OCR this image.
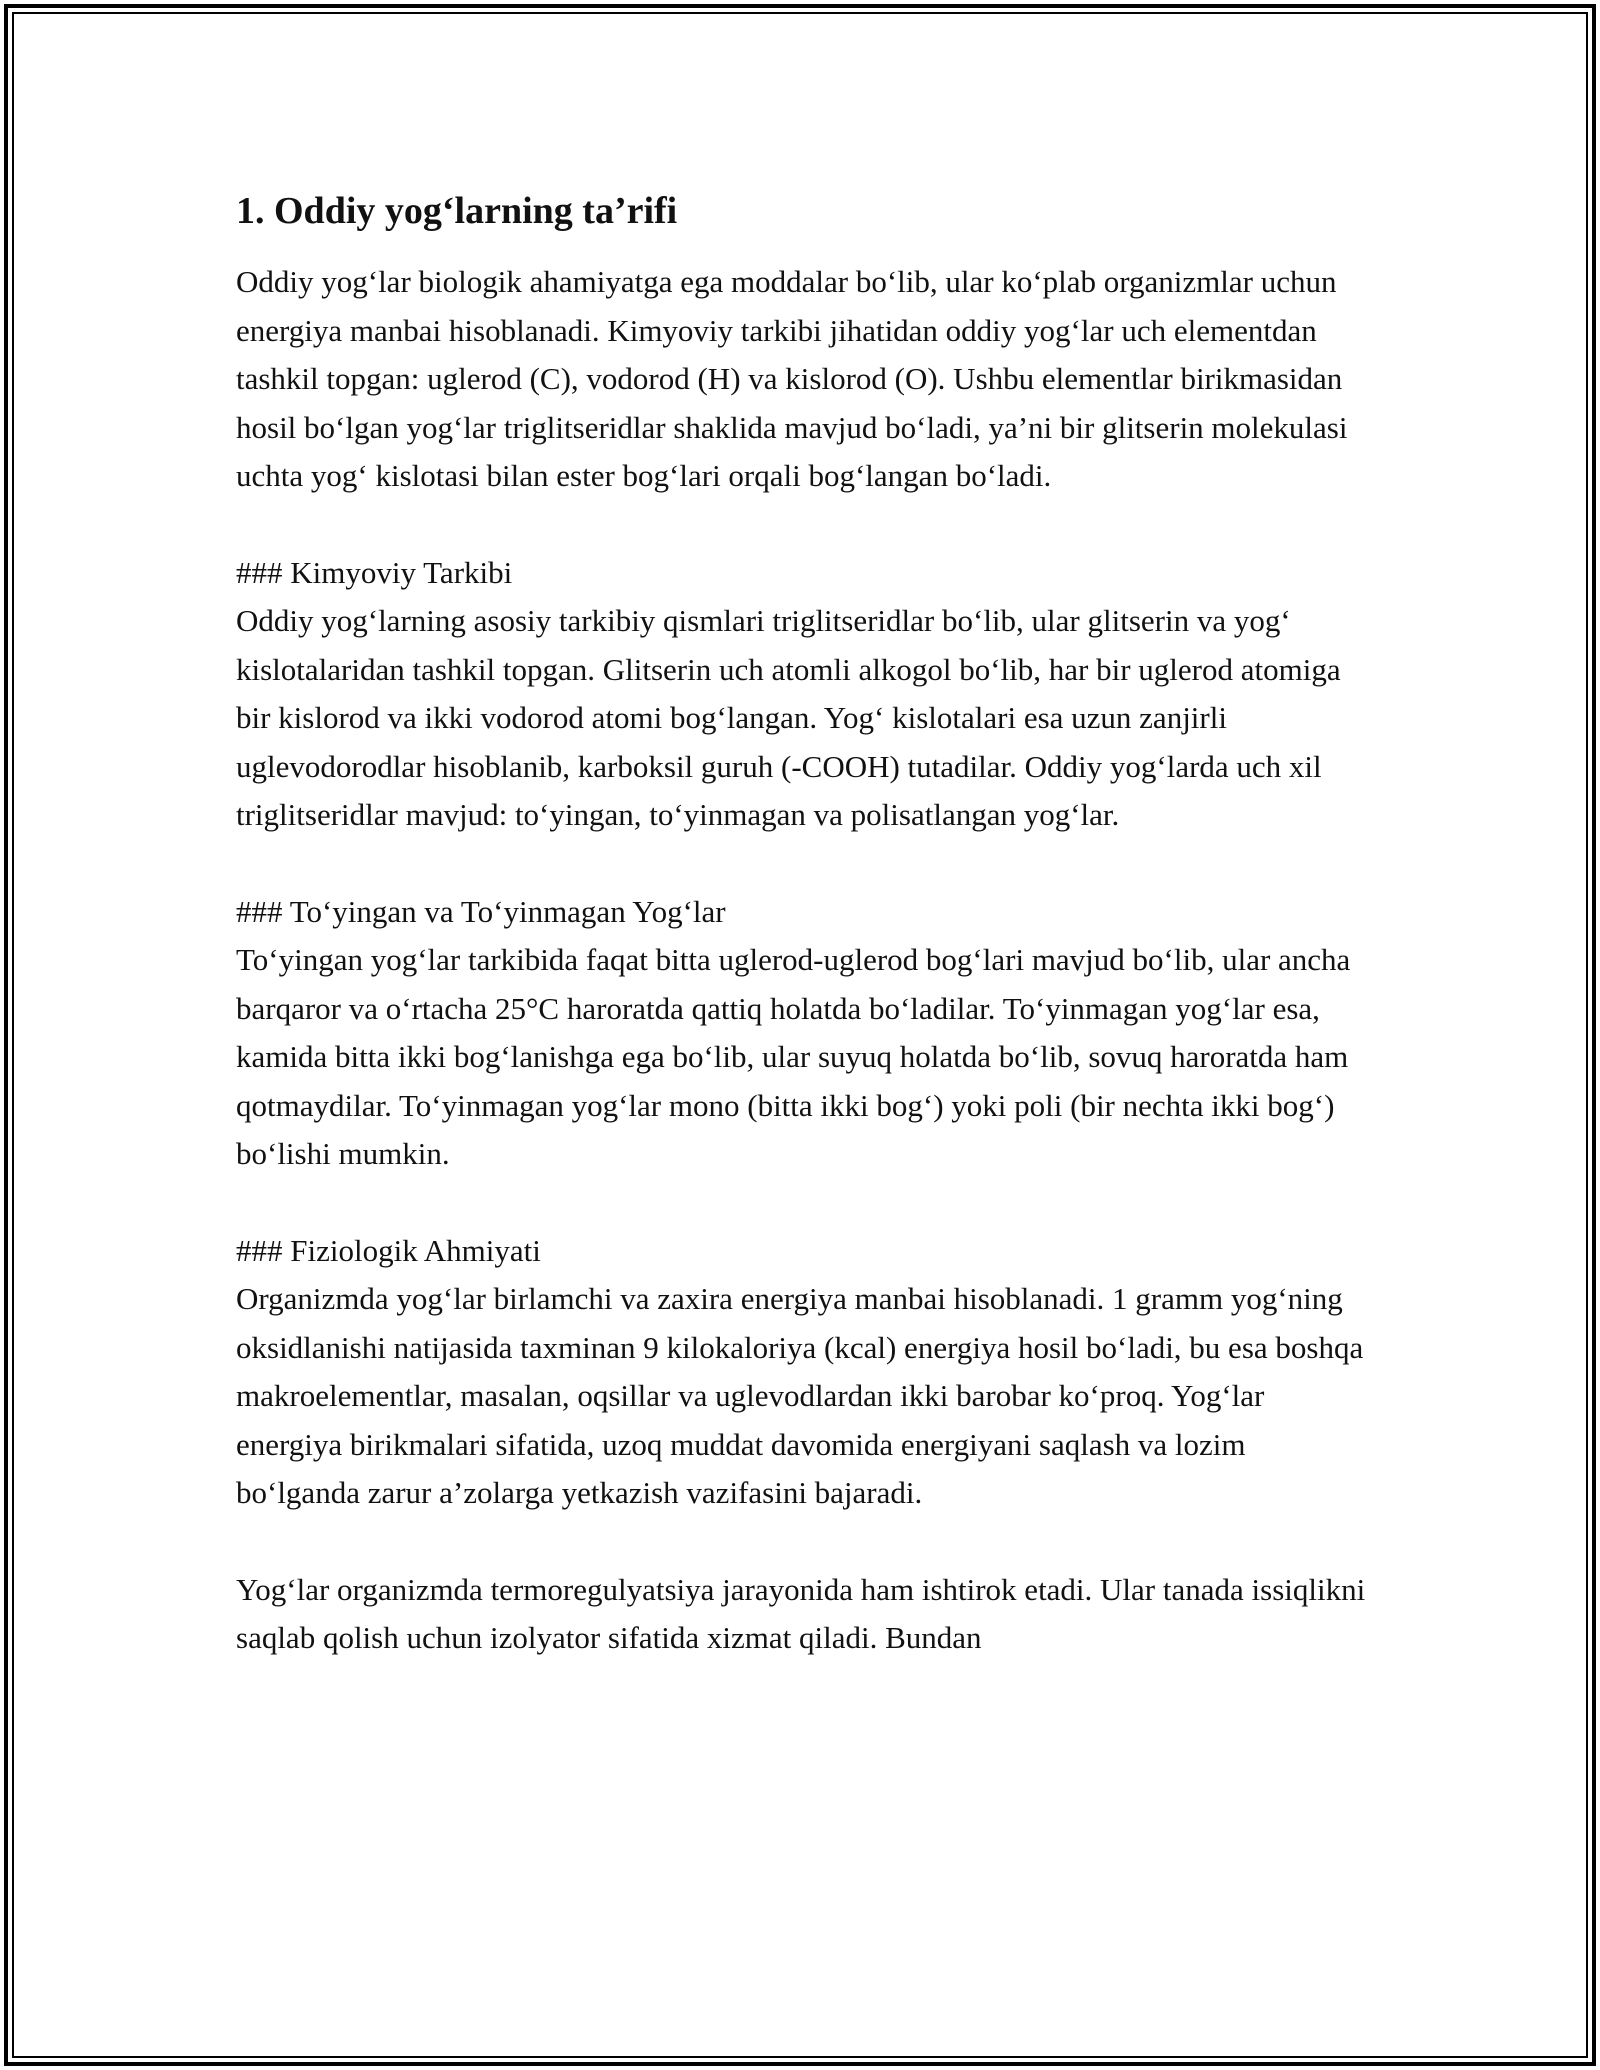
1. Oddiy yog‘larning ta’rifi

Oddiy yog‘lar biologik ahamiyatga ega moddalar bo‘lib, ular ko‘plab organizmlar uchun energiya manbai hisoblanadi. Kimyoviy tarkibi jihatidan oddiy yog‘lar uch elementdan tashkil topgan: uglerod (C), vodorod (H) va kislorod (O). Ushbu elementlar birikmasidan hosil bo‘lgan yog‘lar triglitseridlar shaklida mavjud bo‘ladi, ya’ni bir glitserin molekulasi uchta yog‘ kislotasi bilan ester bog‘lari orqali bog‘langan bo‘ladi.

### Kimyoviy Tarkibi

Oddiy yog‘larning asosiy tarkibiy qismlari triglitseridlar bo‘lib, ular glitserin va yog‘ kislotalaridan tashkil topgan. Glitserin uch atomli alkogol bo‘lib, har bir uglerod atomiga bir kislorod va ikki vodorod atomi bog‘langan. Yog‘ kislotalari esa uzun zanjirli uglevodorodlar hisoblanib, karboksil guruh (-COOH) tutadilar. Oddiy yog‘larda uch xil triglitseridlar mavjud: to‘yingan, to‘yinmagan va polisatlangan yog‘lar.

### To‘yingan va To‘yinmagan Yog‘lar

To‘yingan yog‘lar tarkibida faqat bitta uglerod-uglerod bog‘lari mavjud bo‘lib, ular ancha barqaror va o‘rtacha 25°C haroratda qattiq holatda bo‘ladilar. To‘yinmagan yog‘lar esa, kamida bitta ikki bog‘lanishga ega bo‘lib, ular suyuq holatda bo‘lib, sovuq haroratda ham qotmaydilar. To‘yinmagan yog‘lar mono (bitta ikki bog‘) yoki poli (bir nechta ikki bog‘) bo‘lishi mumkin.

### Fiziologik Ahmiyati

Organizmda yog‘lar birlamchi va zaxira energiya manbai hisoblanadi. 1 gramm yog‘ning oksidlanishi natijasida taxminan 9 kilokaloriya (kcal) energiya hosil bo‘ladi, bu esa boshqa makroelementlar, masalan, oqsillar va uglevodlardan ikki barobar ko‘proq. Yog‘lar energiya birikmalari sifatida, uzoq muddat davomida energiyani saqlash va lozim bo‘lganda zarur a’zolarga yetkazish vazifasini bajaradi.

Yog‘lar organizmda termoregulyatsiya jarayonida ham ishtirok etadi. Ular tanada issiqlikni saqlab qolish uchun izolyator sifatida xizmat qiladi. Bundan
